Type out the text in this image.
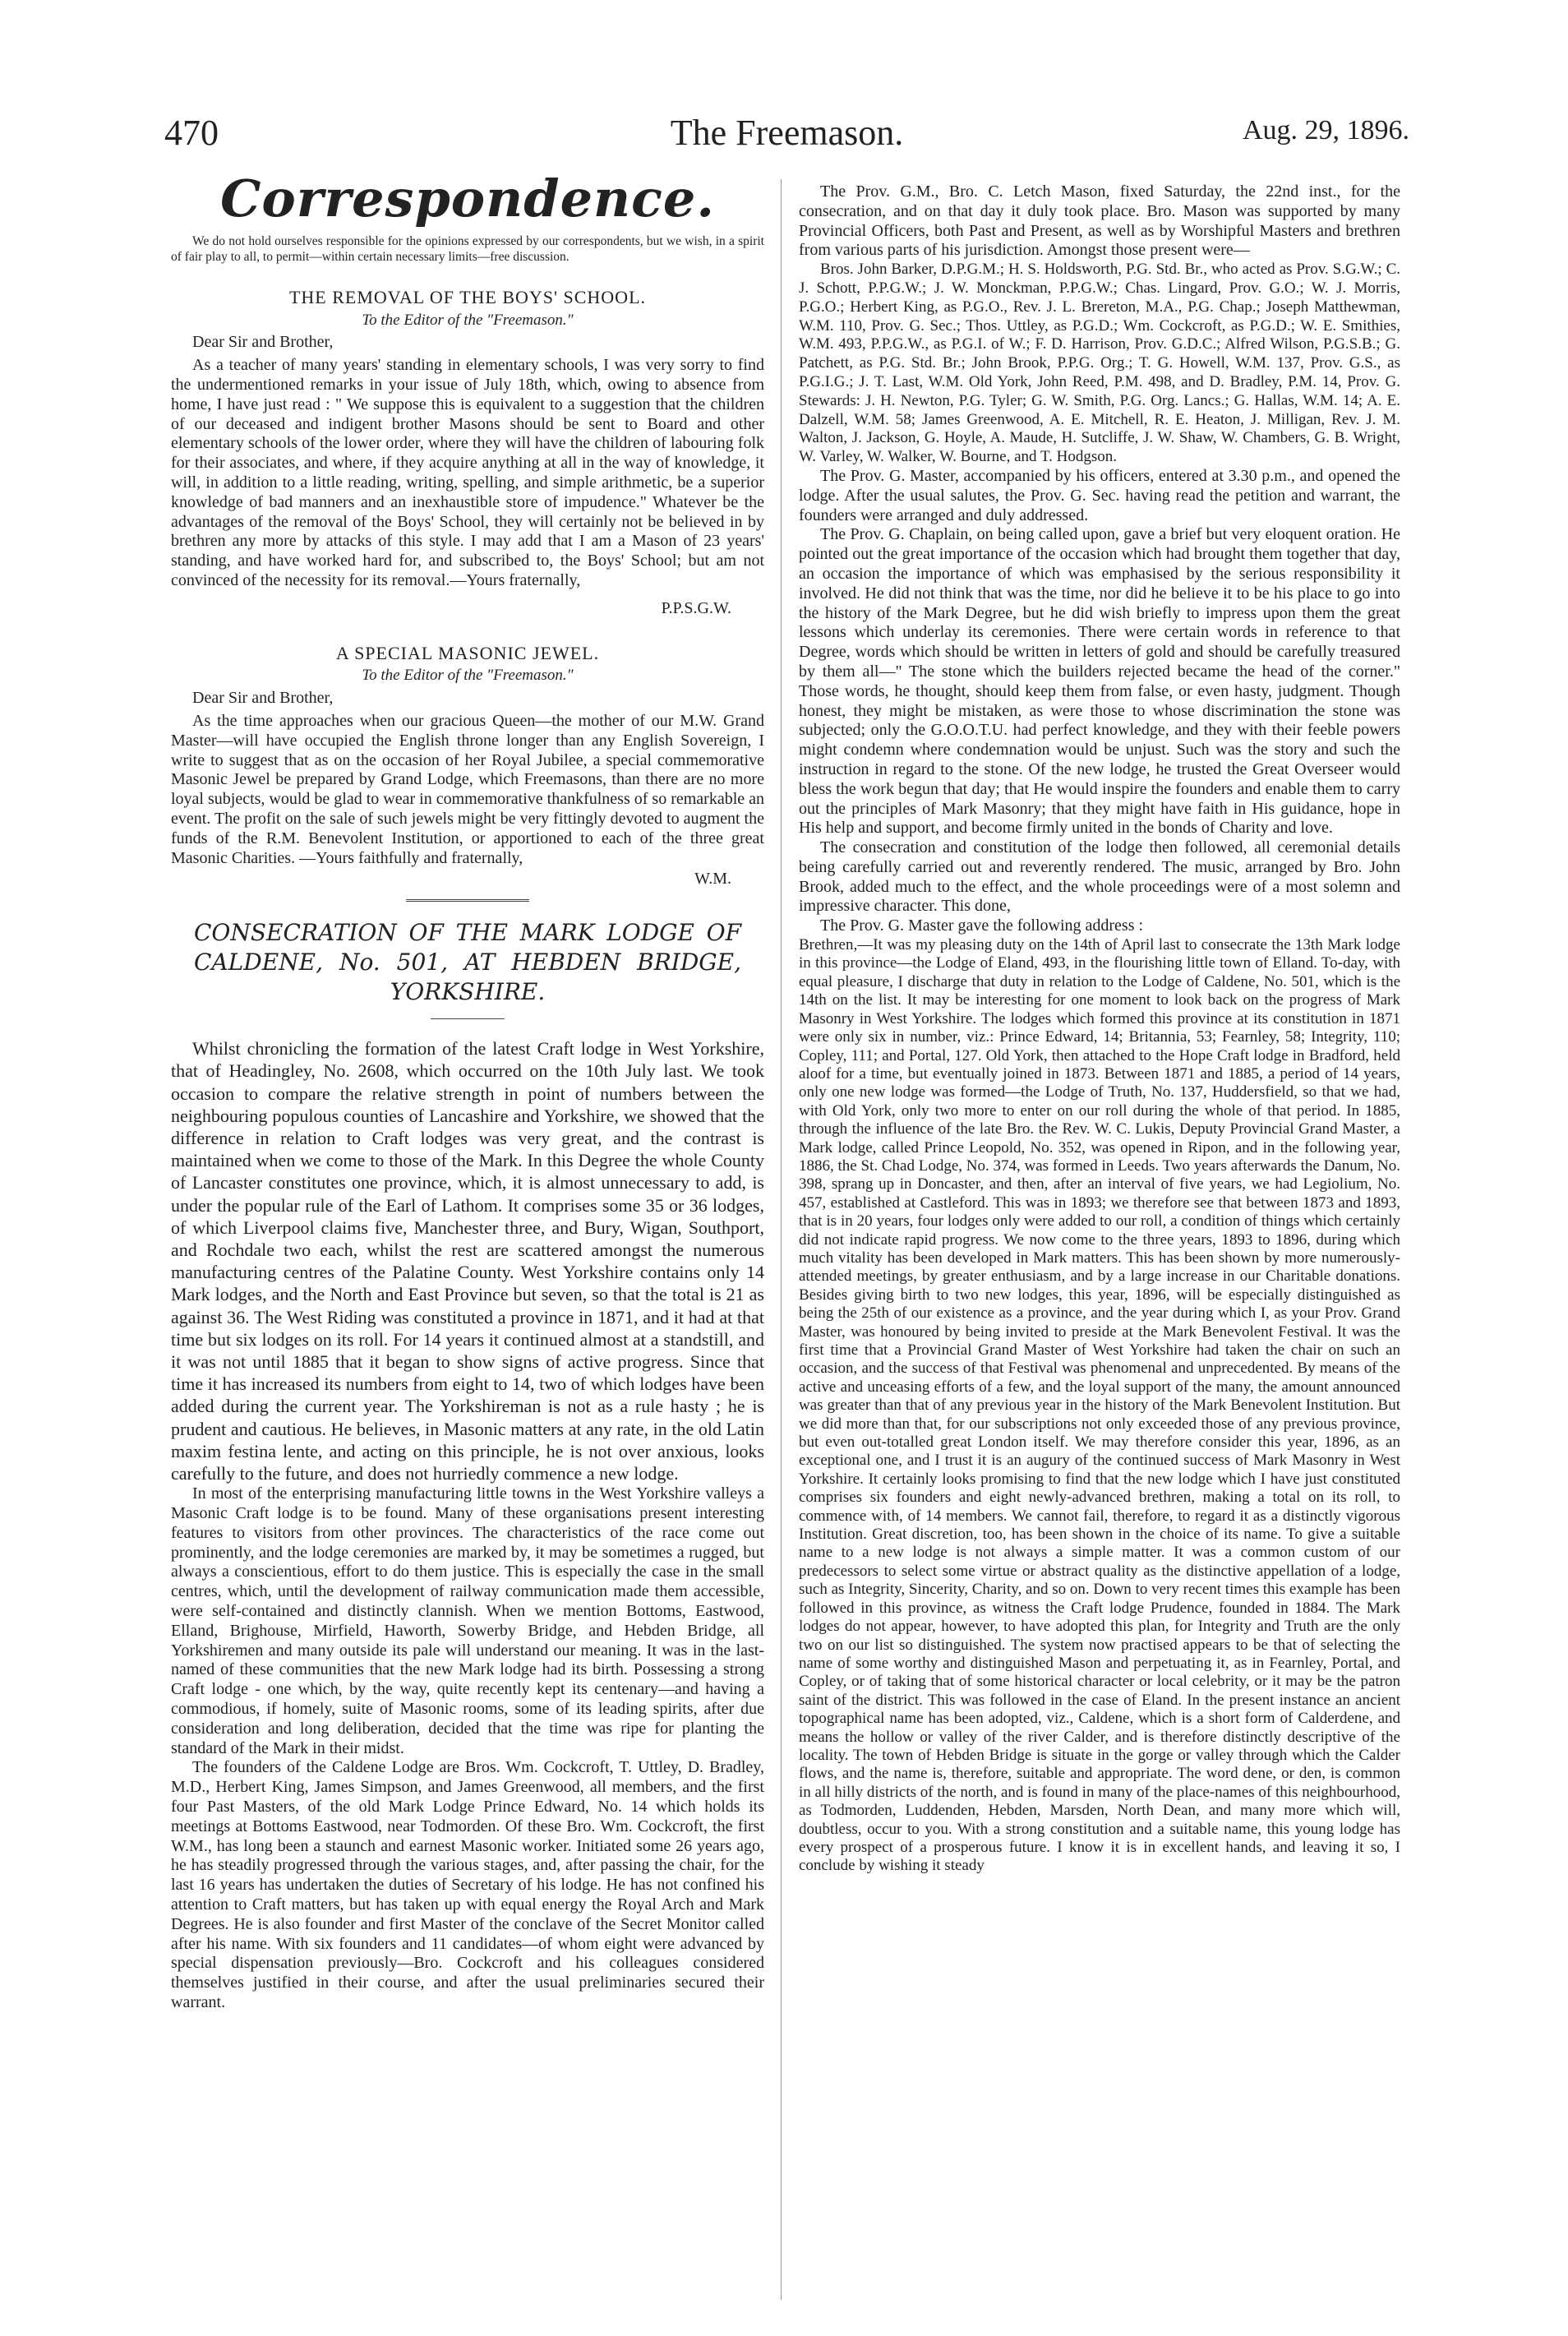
470	The Freemason.	Aug. 29, 1896.
Correspondence.

We do not hold ourselves responsible for the opinions expressed by our correspondents, but we wish, in a spirit of fair play to all, to permit—within certain necessary limits—free discussion.

THE REMOVAL OF THE BOYS' SCHOOL.
To the Editor of the "Freemason."

Dear Sir and Brother,

As a teacher of many years' standing in elementary schools, I was very sorry to find the undermentioned remarks in your issue of July 18th, which, owing to absence from home, I have just read : " We suppose this is equivalent to a suggestion that the children of our deceased and indigent brother Masons should be sent to Board and other elementary schools of the lower order, where they will have the children of labouring folk for their associates, and where, if they acquire anything at all in the way of knowledge, it will, in addition to a little reading, writing, spelling, and simple arithmetic, be a superior knowledge of bad manners and an inexhaustible store of impudence." Whatever be the advantages of the removal of the Boys' School, they will certainly not be believed in by brethren any more by attacks of this style. I may add that I am a Mason of 23 years' standing, and have worked hard for, and subscribed to, the Boys' School; but am not convinced of the necessity for its removal.—Yours fraternally,

P.P.S.G.W.
A SPECIAL MASONIC JEWEL.
To the Editor of the "Freemason."

Dear Sir and Brother,

As the time approaches when our gracious Queen—the mother of our M.W. Grand Master—will have occupied the English throne longer than any English Sovereign, I write to suggest that as on the occasion of her Royal Jubilee, a special commemorative Masonic Jewel be prepared by Grand Lodge, which Freemasons, than there are no more loyal subjects, would be glad to wear in commemorative thankfulness of so remarkable an event. The profit on the sale of such jewels might be very fittingly devoted to augment the funds of the R.M. Benevolent Institution, or apportioned to each of the three great Masonic Charities. —Yours faithfully and fraternally,

W.M.
CONSECRATION OF THE MARK LODGE OF CALDENE, No. 501, AT HEBDEN BRIDGE, YORKSHIRE.

Whilst chronicling the formation of the latest Craft lodge in West Yorkshire, that of Headingley, No. 2608, which occurred on the 10th July last. We took occasion to compare the relative strength in point of numbers between the neighbouring populous counties of Lancashire and Yorkshire, we showed that the difference in relation to Craft lodges was very great, and the contrast is maintained when we come to those of the Mark. In this Degree the whole County of Lancaster constitutes one province, which, it is almost unnecessary to add, is under the popular rule of the Earl of Lathom. It comprises some 35 or 36 lodges, of which Liverpool claims five, Manchester three, and Bury, Wigan, Southport, and Rochdale two each, whilst the rest are scattered amongst the numerous manufacturing centres of the Palatine County. West Yorkshire contains only 14 Mark lodges, and the North and East Province but seven, so that the total is 21 as against 36. The West Riding was constituted a province in 1871, and it had at that time but six lodges on its roll. For 14 years it continued almost at a standstill, and it was not until 1885 that it began to show signs of active progress. Since that time it has increased its numbers from eight to 14, two of which lodges have been added during the current year. The Yorkshireman is not as a rule hasty ; he is prudent and cautious. He believes, in Masonic matters at any rate, in the old Latin maxim festina lente, and acting on this principle, he is not over anxious, looks carefully to the future, and does not hurriedly commence a new lodge.

In most of the enterprising manufacturing little towns in the West Yorkshire valleys a Masonic Craft lodge is to be found. Many of these organisations present interesting features to visitors from other provinces. The characteristics of the race come out prominently, and the lodge ceremonies are marked by, it may be sometimes a rugged, but always a conscientious, effort to do them justice. This is especially the case in the small centres, which, until the development of railway communication made them accessible, were self-contained and distinctly clannish. When we mention Bottoms, Eastwood, Elland, Brighouse, Mirfield, Haworth, Sowerby Bridge, and Hebden Bridge, all Yorkshiremen and many outside its pale will understand our meaning. It was in the last-named of these communities that the new Mark lodge had its birth. Possessing a strong Craft lodge - one which, by the way, quite recently kept its centenary—and having a commodious, if homely, suite of Masonic rooms, some of its leading spirits, after due consideration and long deliberation, decided that the time was ripe for planting the standard of the Mark in their midst.

The founders of the Caldene Lodge are Bros. Wm. Cockcroft, T. Uttley, D. Bradley, M.D., Herbert King, James Simpson, and James Greenwood, all members, and the first four Past Masters, of the old Mark Lodge Prince Edward, No. 14 which holds its meetings at Bottoms Eastwood, near Todmorden. Of these Bro. Wm. Cockcroft, the first W.M., has long been a staunch and earnest Masonic worker. Initiated some 26 years ago, he has steadily progressed through the various stages, and, after passing the chair, for the last 16 years has undertaken the duties of Secretary of his lodge. He has not confined his attention to Craft matters, but has taken up with equal energy the Royal Arch and Mark Degrees. He is also founder and first Master of the conclave of the Secret Monitor called after his name. With six founders and 11 candidates—of whom eight were advanced by special dispensation previously—Bro. Cockcroft and his colleagues considered themselves justified in their course, and after the usual preliminaries secured their warrant.

The Prov. G.M., Bro. C. Letch Mason, fixed Saturday, the 22nd inst., for the consecration, and on that day it duly took place. Bro. Mason was supported by many Provincial Officers, both Past and Present, as well as by Worshipful Masters and brethren from various parts of his jurisdiction. Amongst those present were—

Bros. John Barker, D.P.G.M.; H. S. Holdsworth, P.G. Std. Br., who acted as Prov. S.G.W.; C. J. Schott, P.P.G.W.; J. W. Monckman, P.P.G.W.; Chas. Lingard, Prov. G.O.; W. J. Morris, P.G.O.; Herbert King, as P.G.O., Rev. J. L. Brereton, M.A., P.G. Chap.; Joseph Matthewman, W.M. 110, Prov. G. Sec.; Thos. Uttley, as P.G.D.; Wm. Cockcroft, as P.G.D.; W. E. Smithies, W.M. 493, P.P.G.W., as P.G.I. of W.; F. D. Harrison, Prov. G.D.C.; Alfred Wilson, P.G.S.B.; G. Patchett, as P.G. Std. Br.; John Brook, P.P.G. Org.; T. G. Howell, W.M. 137, Prov. G.S., as P.G.I.G.; J. T. Last, W.M. Old York, John Reed, P.M. 498, and D. Bradley, P.M. 14, Prov. G. Stewards: J. H. Newton, P.G. Tyler; G. W. Smith, P.G. Org. Lancs.; G. Hallas, W.M. 14; A. E. Dalzell, W.M. 58; James Greenwood, A. E. Mitchell, R. E. Heaton, J. Milligan, Rev. J. M. Walton, J. Jackson, G. Hoyle, A. Maude, H. Sutcliffe, J. W. Shaw, W. Chambers, G. B. Wright, W. Varley, W. Walker, W. Bourne, and T. Hodgson.

The Prov. G. Master, accompanied by his officers, entered at 3.30 p.m., and opened the lodge. After the usual salutes, the Prov. G. Sec. having read the petition and warrant, the founders were arranged and duly addressed.

The Prov. G. Chaplain, on being called upon, gave a brief but very eloquent oration. He pointed out the great importance of the occasion which had brought them together that day, an occasion the importance of which was emphasised by the serious responsibility it involved. He did not think that was the time, nor did he believe it to be his place to go into the history of the Mark Degree, but he did wish briefly to impress upon them the great lessons which underlay its ceremonies. There were certain words in reference to that Degree, words which should be written in letters of gold and should be carefully treasured by them all—" The stone which the builders rejected became the head of the corner." Those words, he thought, should keep them from false, or even hasty, judgment. Though honest, they might be mistaken, as were those to whose discrimination the stone was subjected; only the G.O.O.T.U. had perfect knowledge, and they with their feeble powers might condemn where condemnation would be unjust. Such was the story and such the instruction in regard to the stone. Of the new lodge, he trusted the Great Overseer would bless the work begun that day; that He would inspire the founders and enable them to carry out the principles of Mark Masonry; that they might have faith in His guidance, hope in His help and support, and become firmly united in the bonds of Charity and love.

The consecration and constitution of the lodge then followed, all ceremonial details being carefully carried out and reverently rendered. The music, arranged by Bro. John Brook, added much to the effect, and the whole proceedings were of a most solemn and impressive character. This done,

The Prov. G. Master gave the following address :

Brethren,—It was my pleasing duty on the 14th of April last to consecrate the 13th Mark lodge in this province—the Lodge of Eland, 493, in the flourishing little town of Elland. To-day, with equal pleasure, I discharge that duty in relation to the Lodge of Caldene, No. 501, which is the 14th on the list. It may be interesting for one moment to look back on the progress of Mark Masonry in West Yorkshire. The lodges which formed this province at its constitution in 1871 were only six in number, viz.: Prince Edward, 14; Britannia, 53; Fearnley, 58; Integrity, 110; Copley, 111; and Portal, 127. Old York, then attached to the Hope Craft lodge in Bradford, held aloof for a time, but eventually joined in 1873. Between 1871 and 1885, a period of 14 years, only one new lodge was formed—the Lodge of Truth, No. 137, Huddersfield, so that we had, with Old York, only two more to enter on our roll during the whole of that period. In 1885, through the influence of the late Bro. the Rev. W. C. Lukis, Deputy Provincial Grand Master, a Mark lodge, called Prince Leopold, No. 352, was opened in Ripon, and in the following year, 1886, the St. Chad Lodge, No. 374, was formed in Leeds. Two years afterwards the Danum, No. 398, sprang up in Doncaster, and then, after an interval of five years, we had Legiolium, No. 457, established at Castleford. This was in 1893; we therefore see that between 1873 and 1893, that is in 20 years, four lodges only were added to our roll, a condition of things which certainly did not indicate rapid progress. We now come to the three years, 1893 to 1896, during which much vitality has been developed in Mark matters. This has been shown by more numerously-attended meetings, by greater enthusiasm, and by a large increase in our Charitable donations. Besides giving birth to two new lodges, this year, 1896, will be especially distinguished as being the 25th of our existence as a province, and the year during which I, as your Prov. Grand Master, was honoured by being invited to preside at the Mark Benevolent Festival. It was the first time that a Provincial Grand Master of West Yorkshire had taken the chair on such an occasion, and the success of that Festival was phenomenal and unprecedented. By means of the active and unceasing efforts of a few, and the loyal support of the many, the amount announced was greater than that of any previous year in the history of the Mark Benevolent Institution. But we did more than that, for our subscriptions not only exceeded those of any previous province, but even out-totalled great London itself. We may therefore consider this year, 1896, as an exceptional one, and I trust it is an augury of the continued success of Mark Masonry in West Yorkshire. It certainly looks promising to find that the new lodge which I have just constituted comprises six founders and eight newly-advanced brethren, making a total on its roll, to commence with, of 14 members. We cannot fail, therefore, to regard it as a distinctly vigorous Institution. Great discretion, too, has been shown in the choice of its name. To give a suitable name to a new lodge is not always a simple matter. It was a common custom of our predecessors to select some virtue or abstract quality as the distinctive appellation of a lodge, such as Integrity, Sincerity, Charity, and so on. Down to very recent times this example has been followed in this province, as witness the Craft lodge Prudence, founded in 1884. The Mark lodges do not appear, however, to have adopted this plan, for Integrity and Truth are the only two on our list so distinguished. The system now practised appears to be that of selecting the name of some worthy and distinguished Mason and perpetuating it, as in Fearnley, Portal, and Copley, or of taking that of some historical character or local celebrity, or it may be the patron saint of the district. This was followed in the case of Eland. In the present instance an ancient topographical name has been adopted, viz., Caldene, which is a short form of Calderdene, and means the hollow or valley of the river Calder, and is therefore distinctly descriptive of the locality. The town of Hebden Bridge is situate in the gorge or valley through which the Calder flows, and the name is, therefore, suitable and appropriate. The word dene, or den, is common in all hilly districts of the north, and is found in many of the place-names of this neighbourhood, as Todmorden, Luddenden, Hebden, Marsden, North Dean, and many more which will, doubtless, occur to you. With a strong constitution and a suitable name, this young lodge has every prospect of a prosperous future. I know it is in excellent hands, and leaving it so, I conclude by wishing it steady
